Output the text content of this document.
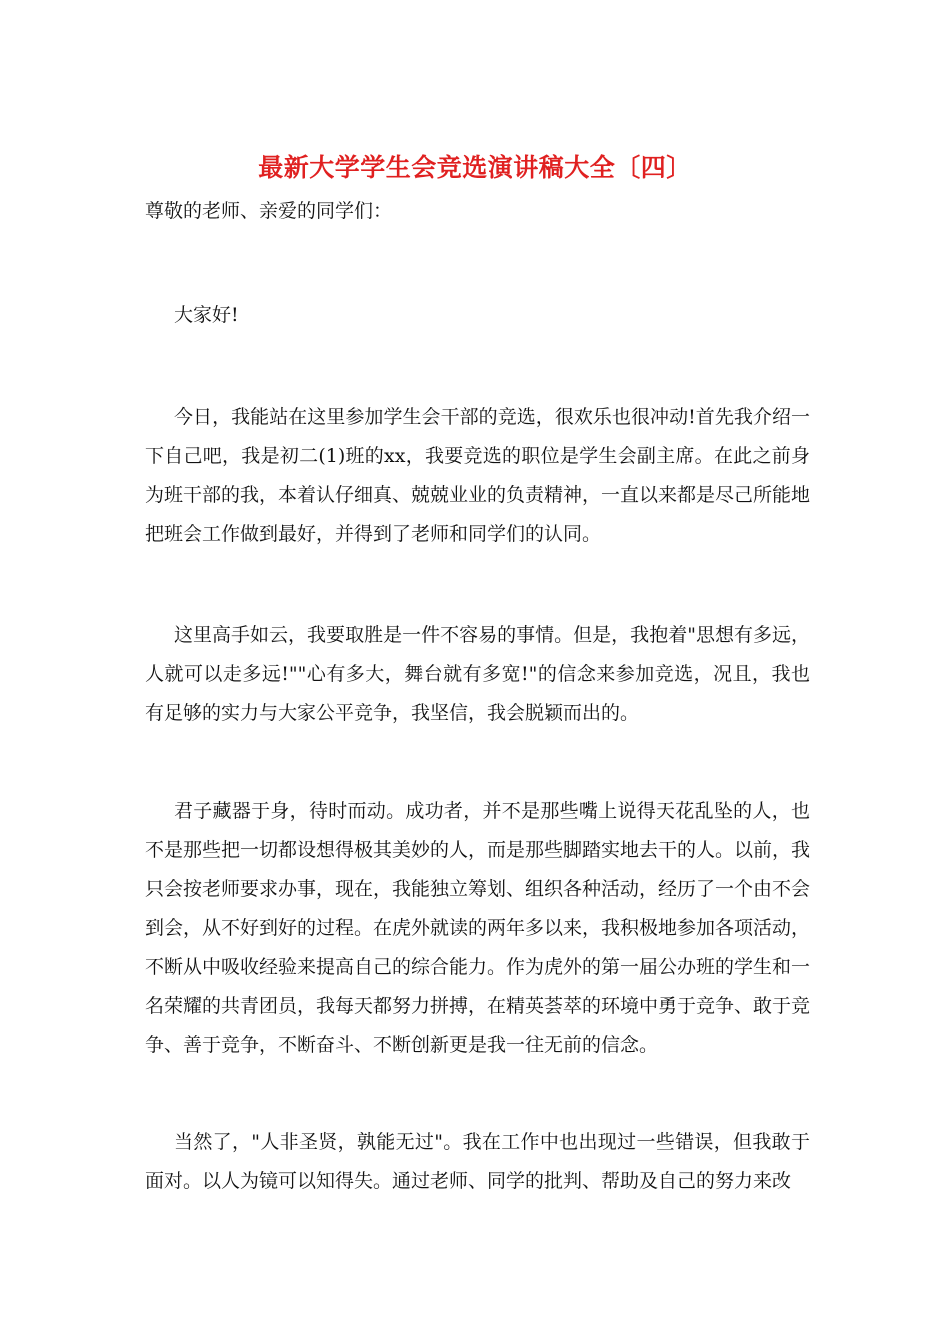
最新大学学生会竞选演讲稿大全〔四〕
尊敬的老师、亲爱的同学们：

大家好!

今日，我能站在这里参加学生会干部的竞选，很欢乐也很冲动!首先我介绍一下自己吧，我是初二(1)班的xx，我要竞选的职位是学生会副主席。在此之前身为班干部的我，本着认仔细真、兢兢业业的负责精神，一直以来都是尽己所能地把班会工作做到最好，并得到了老师和同学们的认同。

这里高手如云，我要取胜是一件不容易的事情。但是，我抱着"思想有多远，人就可以走多远!""心有多大，舞台就有多宽!"的信念来参加竞选，况且，我也有足够的实力与大家公平竞争，我坚信，我会脱颖而出的。

君子藏器于身，待时而动。成功者，并不是那些嘴上说得天花乱坠的人，也不是那些把一切都设想得极其美妙的人，而是那些脚踏实地去干的人。以前，我只会按老师要求办事，现在，我能独立筹划、组织各种活动，经历了一个由不会到会，从不好到好的过程。在虎外就读的两年多以来，我积极地参加各项活动，不断从中吸收经验来提高自己的综合能力。作为虎外的第一届公办班的学生和一名荣耀的共青团员，我每天都努力拼搏，在精英荟萃的环境中勇于竞争、敢于竞争、善于竞争，不断奋斗、不断创新更是我一往无前的信念。

当然了，"人非圣贤，孰能无过"。我在工作中也出现过一些错误，但我敢于面对。以人为镜可以知得失。通过老师、同学的批判、帮助及自己的努力来改
